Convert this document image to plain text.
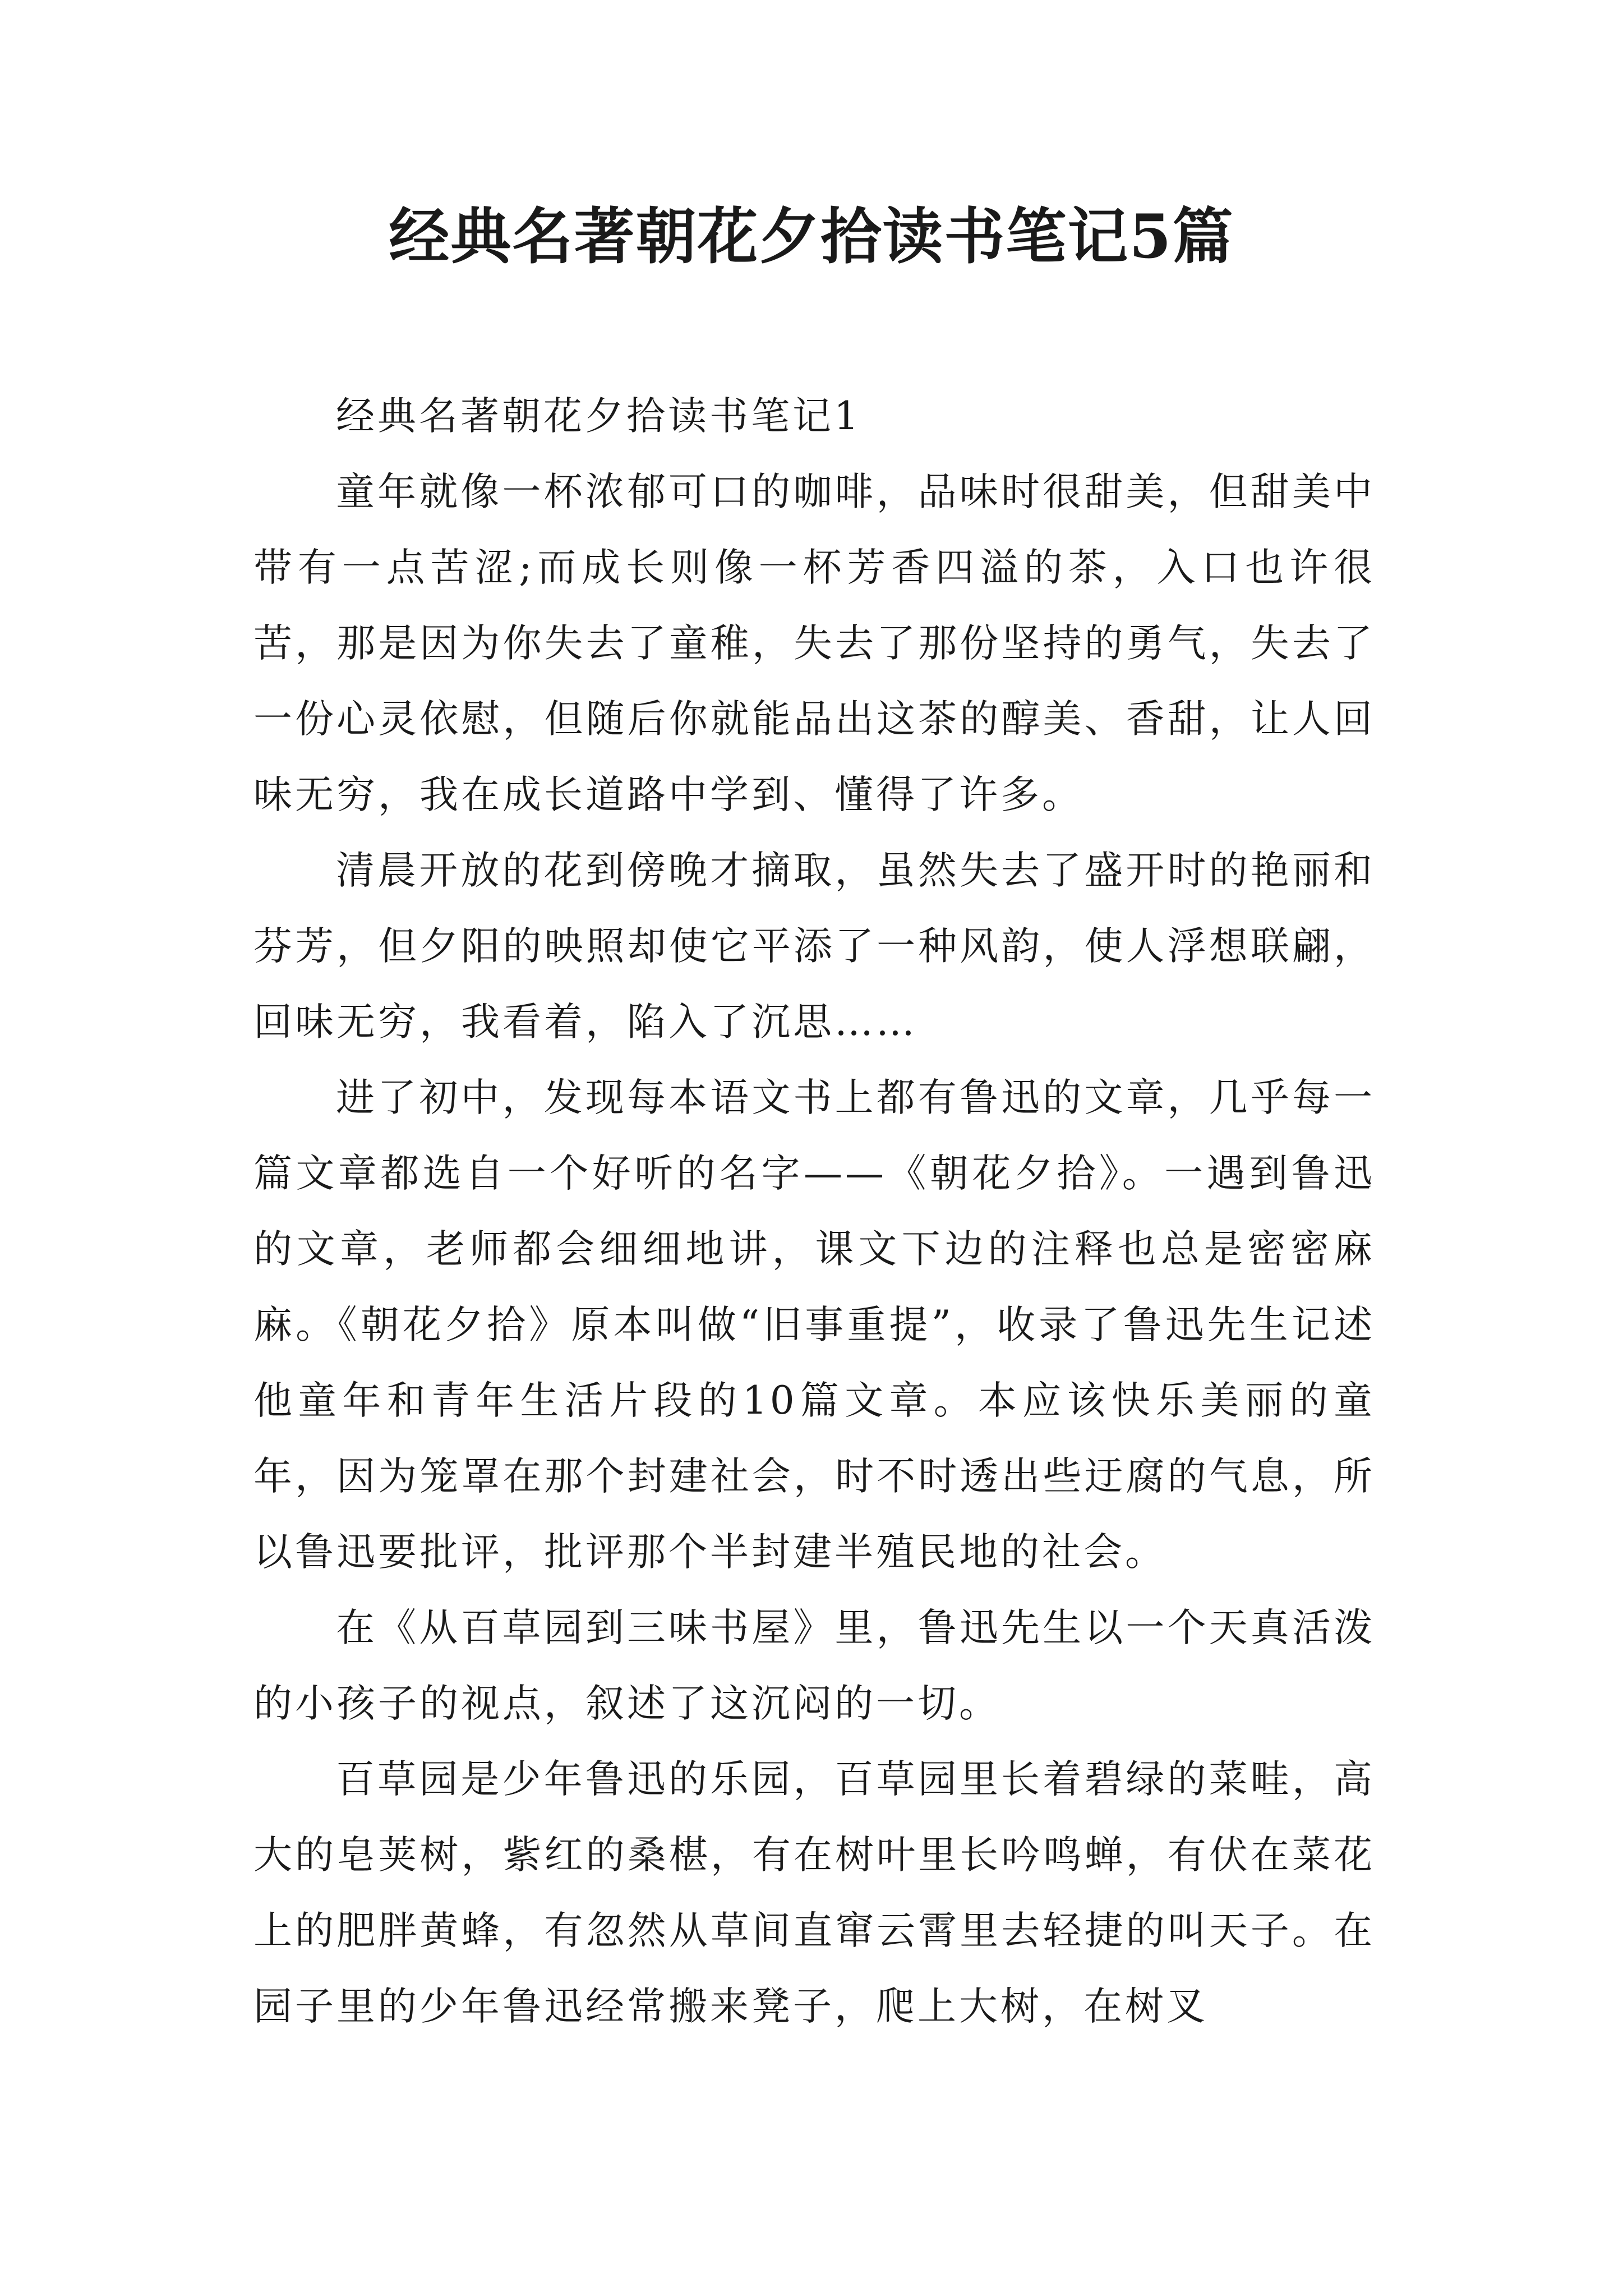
经典名著朝花夕拾读书笔记5篇

经典名著朝花夕拾读书笔记1

童年就像一杯浓郁可口的咖啡，品味时很甜美，但甜美中带有一点苦涩;而成长则像一杯芳香四溢的茶，入口也许很苦，那是因为你失去了童稚，失去了那份坚持的勇气，失去了一份心灵依慰，但随后你就能品出这茶的醇美、香甜，让人回味无穷，我在成长道路中学到、懂得了许多。

清晨开放的花到傍晚才摘取，虽然失去了盛开时的艳丽和芬芳，但夕阳的映照却使它平添了一种风韵，使人浮想联翩，回味无穷，我看着，陷入了沉思……

进了初中，发现每本语文书上都有鲁迅的文章，几乎每一篇文章都选自一个好听的名字——《朝花夕拾》。一遇到鲁迅的文章，老师都会细细地讲，课文下边的注释也总是密密麻麻。《朝花夕拾》原本叫做“旧事重提”，收录了鲁迅先生记述他童年和青年生活片段的10篇文章。本应该快乐美丽的童年，因为笼罩在那个封建社会，时不时透出些迂腐的气息，所以鲁迅要批评，批评那个半封建半殖民地的社会。

在《从百草园到三味书屋》里，鲁迅先生以一个天真活泼的小孩子的视点，叙述了这沉闷的一切。

百草园是少年鲁迅的乐园，百草园里长着碧绿的菜畦，高大的皂荚树，紫红的桑椹，有在树叶里长吟鸣蝉，有伏在菜花上的肥胖黄蜂，有忽然从草间直窜云霄里去轻捷的叫天子。在园子里的少年鲁迅经常搬来凳子，爬上大树，在树叉
